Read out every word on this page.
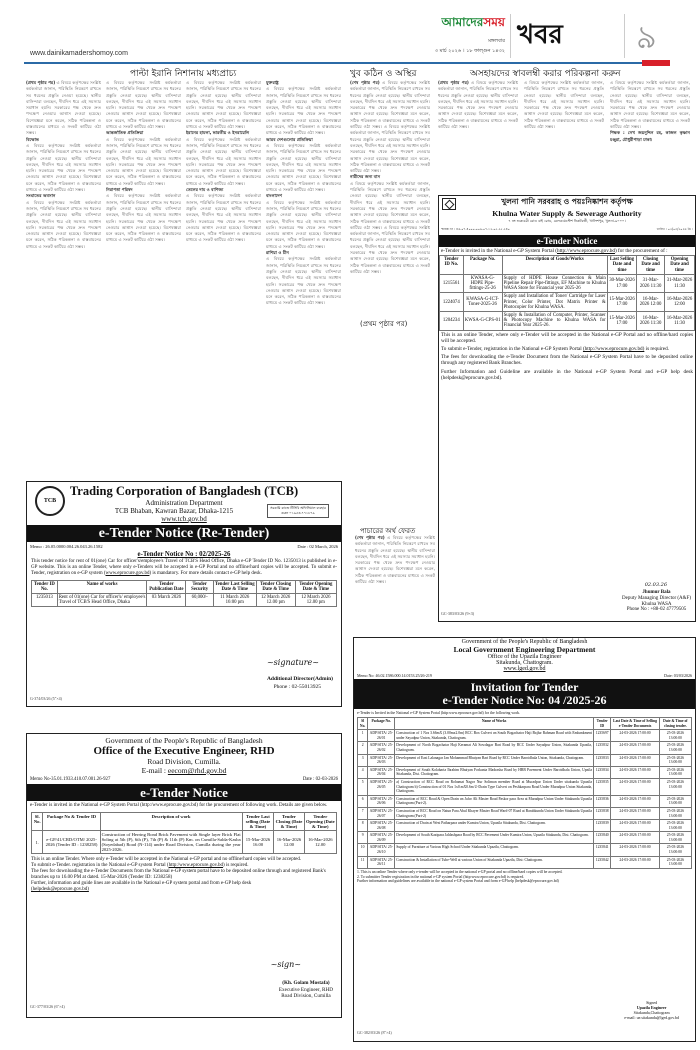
www.dainikamadershomoy.com
আমাদেরসময়
মঙ্গলবার
৩ মার্চ ২০২৬ । ১৮ ফাল্গুন ১৪৩২
খবর ৯
পাল্টা ইরানি নিশানায় মধ্যপ্রাচ্য
(প্রথম পৃষ্ঠার পর) এ বিষয়ে কর্তৃপক্ষের সংশ্লিষ্ট কর্মকর্তারা জানান, পরিস্থিতি নিয়ন্ত্রণে রাখতে সব ধরনের প্রস্তুতি নেওয়া হয়েছে। স্থানীয় বাসিন্দারা বলছেন, দীর্ঘদিন ধরে এই সমস্যার সমাধান হয়নি। সরকারের পক্ষ থেকে দ্রুত পদক্ষেপ নেওয়ার আশ্বাস দেওয়া হয়েছে। বিশেষজ্ঞরা মনে করেন, সঠিক পরিকল্পনা ও বাস্তবায়নের মাধ্যমে এ সংকট কাটিয়ে ওঠা সম্ভব।
বিক্ষোভ
এ বিষয়ে কর্তৃপক্ষের সংশ্লিষ্ট কর্মকর্তারা জানান, পরিস্থিতি নিয়ন্ত্রণে রাখতে সব ধরনের প্রস্তুতি নেওয়া হয়েছে। স্থানীয় বাসিন্দারা বলছেন, দীর্ঘদিন ধরে এই সমস্যার সমাধান হয়নি। সরকারের পক্ষ থেকে দ্রুত পদক্ষেপ নেওয়ার আশ্বাস দেওয়া হয়েছে। বিশেষজ্ঞরা মনে করেন, সঠিক পরিকল্পনা ও বাস্তবায়নের মাধ্যমে এ সংকট কাটিয়ে ওঠা সম্ভব।
সংঘাতের অবসান
এ বিষয়ে কর্তৃপক্ষের সংশ্লিষ্ট কর্মকর্তারা জানান, পরিস্থিতি নিয়ন্ত্রণে রাখতে সব ধরনের প্রস্তুতি নেওয়া হয়েছে। স্থানীয় বাসিন্দারা বলছেন, দীর্ঘদিন ধরে এই সমস্যার সমাধান হয়নি। সরকারের পক্ষ থেকে দ্রুত পদক্ষেপ নেওয়ার আশ্বাস দেওয়া হয়েছে। বিশেষজ্ঞরা মনে করেন, সঠিক পরিকল্পনা ও বাস্তবায়নের মাধ্যমে এ সংকট কাটিয়ে ওঠা সম্ভব।
এ বিষয়ে কর্তৃপক্ষের সংশ্লিষ্ট কর্মকর্তারা জানান, পরিস্থিতি নিয়ন্ত্রণে রাখতে সব ধরনের প্রস্তুতি নেওয়া হয়েছে। স্থানীয় বাসিন্দারা বলছেন, দীর্ঘদিন ধরে এই সমস্যার সমাধান হয়নি। সরকারের পক্ষ থেকে দ্রুত পদক্ষেপ নেওয়ার আশ্বাস দেওয়া হয়েছে। বিশেষজ্ঞরা মনে করেন, সঠিক পরিকল্পনা ও বাস্তবায়নের মাধ্যমে এ সংকট কাটিয়ে ওঠা সম্ভব।
আন্তর্জাতিক প্রতিক্রিয়া
এ বিষয়ে কর্তৃপক্ষের সংশ্লিষ্ট কর্মকর্তারা জানান, পরিস্থিতি নিয়ন্ত্রণে রাখতে সব ধরনের প্রস্তুতি নেওয়া হয়েছে। স্থানীয় বাসিন্দারা বলছেন, দীর্ঘদিন ধরে এই সমস্যার সমাধান হয়নি। সরকারের পক্ষ থেকে দ্রুত পদক্ষেপ নেওয়ার আশ্বাস দেওয়া হয়েছে। বিশেষজ্ঞরা মনে করেন, সঠিক পরিকল্পনা ও বাস্তবায়নের মাধ্যমে এ সংকট কাটিয়ে ওঠা সম্ভব।
নিরাপত্তা পরিষদ
এ বিষয়ে কর্তৃপক্ষের সংশ্লিষ্ট কর্মকর্তারা জানান, পরিস্থিতি নিয়ন্ত্রণে রাখতে সব ধরনের প্রস্তুতি নেওয়া হয়েছে। স্থানীয় বাসিন্দারা বলছেন, দীর্ঘদিন ধরে এই সমস্যার সমাধান হয়নি। সরকারের পক্ষ থেকে দ্রুত পদক্ষেপ নেওয়ার আশ্বাস দেওয়া হয়েছে। বিশেষজ্ঞরা মনে করেন, সঠিক পরিকল্পনা ও বাস্তবায়নের মাধ্যমে এ সংকট কাটিয়ে ওঠা সম্ভব।
এ বিষয়ে কর্তৃপক্ষের সংশ্লিষ্ট কর্মকর্তারা জানান, পরিস্থিতি নিয়ন্ত্রণে রাখতে সব ধরনের প্রস্তুতি নেওয়া হয়েছে। স্থানীয় বাসিন্দারা বলছেন, দীর্ঘদিন ধরে এই সমস্যার সমাধান হয়নি। সরকারের পক্ষ থেকে দ্রুত পদক্ষেপ নেওয়ার আশ্বাস দেওয়া হয়েছে। বিশেষজ্ঞরা মনে করেন, সঠিক পরিকল্পনা ও বাস্তবায়নের মাধ্যমে এ সংকট কাটিয়ে ওঠা সম্ভব।
ইরানের হামলা, ভারতীয় ও ইসরায়েলি
এ বিষয়ে কর্তৃপক্ষের সংশ্লিষ্ট কর্মকর্তারা জানান, পরিস্থিতি নিয়ন্ত্রণে রাখতে সব ধরনের প্রস্তুতি নেওয়া হয়েছে। স্থানীয় বাসিন্দারা বলছেন, দীর্ঘদিন ধরে এই সমস্যার সমাধান হয়নি। সরকারের পক্ষ থেকে দ্রুত পদক্ষেপ নেওয়ার আশ্বাস দেওয়া হয়েছে। বিশেষজ্ঞরা মনে করেন, সঠিক পরিকল্পনা ও বাস্তবায়নের মাধ্যমে এ সংকট কাটিয়ে ওঠা সম্ভব।
তেলের দাম ও বাণিজ্য
এ বিষয়ে কর্তৃপক্ষের সংশ্লিষ্ট কর্মকর্তারা জানান, পরিস্থিতি নিয়ন্ত্রণে রাখতে সব ধরনের প্রস্তুতি নেওয়া হয়েছে। স্থানীয় বাসিন্দারা বলছেন, দীর্ঘদিন ধরে এই সমস্যার সমাধান হয়নি। সরকারের পক্ষ থেকে দ্রুত পদক্ষেপ নেওয়ার আশ্বাস দেওয়া হয়েছে। বিশেষজ্ঞরা মনে করেন, সঠিক পরিকল্পনা ও বাস্তবায়নের মাধ্যমে এ সংকট কাটিয়ে ওঠা সম্ভব।
যুক্তরাষ্ট্র
এ বিষয়ে কর্তৃপক্ষের সংশ্লিষ্ট কর্মকর্তারা জানান, পরিস্থিতি নিয়ন্ত্রণে রাখতে সব ধরনের প্রস্তুতি নেওয়া হয়েছে। স্থানীয় বাসিন্দারা বলছেন, দীর্ঘদিন ধরে এই সমস্যার সমাধান হয়নি। সরকারের পক্ষ থেকে দ্রুত পদক্ষেপ নেওয়ার আশ্বাস দেওয়া হয়েছে। বিশেষজ্ঞরা মনে করেন, সঠিক পরিকল্পনা ও বাস্তবায়নের মাধ্যমে এ সংকট কাটিয়ে ওঠা সম্ভব।
আরব দেশগুলোর প্রতিক্রিয়া
এ বিষয়ে কর্তৃপক্ষের সংশ্লিষ্ট কর্মকর্তারা জানান, পরিস্থিতি নিয়ন্ত্রণে রাখতে সব ধরনের প্রস্তুতি নেওয়া হয়েছে। স্থানীয় বাসিন্দারা বলছেন, দীর্ঘদিন ধরে এই সমস্যার সমাধান হয়নি। সরকারের পক্ষ থেকে দ্রুত পদক্ষেপ নেওয়ার আশ্বাস দেওয়া হয়েছে। বিশেষজ্ঞরা মনে করেন, সঠিক পরিকল্পনা ও বাস্তবায়নের মাধ্যমে এ সংকট কাটিয়ে ওঠা সম্ভব।
বাংলাদেশ
এ বিষয়ে কর্তৃপক্ষের সংশ্লিষ্ট কর্মকর্তারা জানান, পরিস্থিতি নিয়ন্ত্রণে রাখতে সব ধরনের প্রস্তুতি নেওয়া হয়েছে। স্থানীয় বাসিন্দারা বলছেন, দীর্ঘদিন ধরে এই সমস্যার সমাধান হয়নি। সরকারের পক্ষ থেকে দ্রুত পদক্ষেপ নেওয়ার আশ্বাস দেওয়া হয়েছে। বিশেষজ্ঞরা মনে করেন, সঠিক পরিকল্পনা ও বাস্তবায়নের মাধ্যমে এ সংকট কাটিয়ে ওঠা সম্ভব।
রাশিয়া ও চীন
এ বিষয়ে কর্তৃপক্ষের সংশ্লিষ্ট কর্মকর্তারা জানান, পরিস্থিতি নিয়ন্ত্রণে রাখতে সব ধরনের প্রস্তুতি নেওয়া হয়েছে। স্থানীয় বাসিন্দারা বলছেন, দীর্ঘদিন ধরে এই সমস্যার সমাধান হয়নি। সরকারের পক্ষ থেকে দ্রুত পদক্ষেপ নেওয়ার আশ্বাস দেওয়া হয়েছে। বিশেষজ্ঞরা মনে করেন, সঠিক পরিকল্পনা ও বাস্তবায়নের মাধ্যমে এ সংকট কাটিয়ে ওঠা সম্ভব।
খুব কঠিন ও অস্থির
(শেষ পৃষ্ঠার পর) এ বিষয়ে কর্তৃপক্ষের সংশ্লিষ্ট কর্মকর্তারা জানান, পরিস্থিতি নিয়ন্ত্রণে রাখতে সব ধরনের প্রস্তুতি নেওয়া হয়েছে। স্থানীয় বাসিন্দারা বলছেন, দীর্ঘদিন ধরে এই সমস্যার সমাধান হয়নি। সরকারের পক্ষ থেকে দ্রুত পদক্ষেপ নেওয়ার আশ্বাস দেওয়া হয়েছে। বিশেষজ্ঞরা মনে করেন, সঠিক পরিকল্পনা ও বাস্তবায়নের মাধ্যমে এ সংকট কাটিয়ে ওঠা সম্ভব। এ বিষয়ে কর্তৃপক্ষের সংশ্লিষ্ট কর্মকর্তারা জানান, পরিস্থিতি নিয়ন্ত্রণে রাখতে সব ধরনের প্রস্তুতি নেওয়া হয়েছে। স্থানীয় বাসিন্দারা বলছেন, দীর্ঘদিন ধরে এই সমস্যার সমাধান হয়নি। সরকারের পক্ষ থেকে দ্রুত পদক্ষেপ নেওয়ার আশ্বাস দেওয়া হয়েছে। বিশেষজ্ঞরা মনে করেন, সঠিক পরিকল্পনা ও বাস্তবায়নের মাধ্যমে এ সংকট কাটিয়ে ওঠা সম্ভব।
নারীদের জন্য বাস
এ বিষয়ে কর্তৃপক্ষের সংশ্লিষ্ট কর্মকর্তারা জানান, পরিস্থিতি নিয়ন্ত্রণে রাখতে সব ধরনের প্রস্তুতি নেওয়া হয়েছে। স্থানীয় বাসিন্দারা বলছেন, দীর্ঘদিন ধরে এই সমস্যার সমাধান হয়নি। সরকারের পক্ষ থেকে দ্রুত পদক্ষেপ নেওয়ার আশ্বাস দেওয়া হয়েছে। বিশেষজ্ঞরা মনে করেন, সঠিক পরিকল্পনা ও বাস্তবায়নের মাধ্যমে এ সংকট কাটিয়ে ওঠা সম্ভব। এ বিষয়ে কর্তৃপক্ষের সংশ্লিষ্ট কর্মকর্তারা জানান, পরিস্থিতি নিয়ন্ত্রণে রাখতে সব ধরনের প্রস্তুতি নেওয়া হয়েছে। স্থানীয় বাসিন্দারা বলছেন, দীর্ঘদিন ধরে এই সমস্যার সমাধান হয়নি। সরকারের পক্ষ থেকে দ্রুত পদক্ষেপ নেওয়ার আশ্বাস দেওয়া হয়েছে। বিশেষজ্ঞরা মনে করেন, সঠিক পরিকল্পনা ও বাস্তবায়নের মাধ্যমে এ সংকট কাটিয়ে ওঠা সম্ভব।
অসহায়দের স্বাবলম্বী করার পরিকল্পনা করুন
(প্রথম পৃষ্ঠার পর) এ বিষয়ে কর্তৃপক্ষের সংশ্লিষ্ট কর্মকর্তারা জানান, পরিস্থিতি নিয়ন্ত্রণে রাখতে সব ধরনের প্রস্তুতি নেওয়া হয়েছে। স্থানীয় বাসিন্দারা বলছেন, দীর্ঘদিন ধরে এই সমস্যার সমাধান হয়নি। সরকারের পক্ষ থেকে দ্রুত পদক্ষেপ নেওয়ার আশ্বাস দেওয়া হয়েছে। বিশেষজ্ঞরা মনে করেন, সঠিক পরিকল্পনা ও বাস্তবায়নের মাধ্যমে এ সংকট কাটিয়ে ওঠা সম্ভব।
এ বিষয়ে কর্তৃপক্ষের সংশ্লিষ্ট কর্মকর্তারা জানান, পরিস্থিতি নিয়ন্ত্রণে রাখতে সব ধরনের প্রস্তুতি নেওয়া হয়েছে। স্থানীয় বাসিন্দারা বলছেন, দীর্ঘদিন ধরে এই সমস্যার সমাধান হয়নি। সরকারের পক্ষ থেকে দ্রুত পদক্ষেপ নেওয়ার আশ্বাস দেওয়া হয়েছে। বিশেষজ্ঞরা মনে করেন, সঠিক পরিকল্পনা ও বাস্তবায়নের মাধ্যমে এ সংকট কাটিয়ে ওঠা সম্ভব।
এ বিষয়ে কর্তৃপক্ষের সংশ্লিষ্ট কর্মকর্তারা জানান, পরিস্থিতি নিয়ন্ত্রণে রাখতে সব ধরনের প্রস্তুতি নেওয়া হয়েছে। স্থানীয় বাসিন্দারা বলছেন, দীর্ঘদিন ধরে এই সমস্যার সমাধান হয়নি। সরকারের পক্ষ থেকে দ্রুত পদক্ষেপ নেওয়ার আশ্বাস দেওয়া হয়েছে। বিশেষজ্ঞরা মনে করেন, সঠিক পরিকল্পনা ও বাস্তবায়নের মাধ্যমে এ সংকট কাটিয়ে ওঠা সম্ভব।
শিক্ষক : সেখ জয়নুদ্দিন রহ, কাজল কৃষ্ণান মঞ্জুরা, চৌধুরীপাড়া ঢাকা।
(প্রথম পৃষ্ঠার পর)
পাচারের অর্থ ফেরত
(শেষ পৃষ্ঠার পর) এ বিষয়ে কর্তৃপক্ষের সংশ্লিষ্ট কর্মকর্তারা জানান, পরিস্থিতি নিয়ন্ত্রণে রাখতে সব ধরনের প্রস্তুতি নেওয়া হয়েছে। স্থানীয় বাসিন্দারা বলছেন, দীর্ঘদিন ধরে এই সমস্যার সমাধান হয়নি। সরকারের পক্ষ থেকে দ্রুত পদক্ষেপ নেওয়ার আশ্বাস দেওয়া হয়েছে। বিশেষজ্ঞরা মনে করেন, সঠিক পরিকল্পনা ও বাস্তবায়নের মাধ্যমে এ সংকট কাটিয়ে ওঠা সম্ভব।
TCB
Trading Corporation of Bangladesh (TCB)
Administration Department
TCB Bhaban, Kawran Bazar, Dhaka-1215
www.tcb.gov.bd
সরকারি কাজে টিসিবি অফিসিয়াল ব্যবহার করুন ০১৯৫৩-৭৭১৮৭৯
e-Tender Notice (Re-Tender)
Memo : 26.05.0000.004.26.043.26.1582	Date : 02 March, 2026
e-Tender Notice No : 02/2025-26
This tender notice for rent of 01(one) Car for officer's/employee's Travel of TCB'S Head Office, Dhaka e-GP Tender ID No. 1235013 is published in e-GP website. This is an online Tender, where only e-Tenders will be accepted in e-GP Portal and no offline/hard copies will be accepted. To submit e-Tender, registration on e-GP system (www.eprocure.gov.bd) is mandatory. For more details contact e-GP help desk.
Tender ID No.	Name of works	Tender Publication Date	Tender Security	Tender Last Selling Date & Time	Tender Closing Date & Time	Tender Opening Date & Time
1235013	Rent of 01(one) Car for officer's/ employee's Travel of TCB'S Head Office, Dhaka	03 March 2026	60,000/-	11 March 2026 16:00 pm	12 March 2026 12.00 pm	12 March 2026 12.00 pm
~signature~
Additional Director(Admin)
Phone : 02-55013925
G-374/03/26 (5"×4)
Government of the People's Republic of Bangladesh
Office of the Executive Engineer, RHD
Road Division, Cumilla.
E-mail : eecom@rhd.gov.bd
Memo No-35.01.1933.410.07.001.26-927	Date : 02-03-2026
e-Tender Notice
e-Tender is invited in the National e-GP System Portal (http:/www.eprocure.gov.bd) for the procurement of following work. Details are given below.
Sl. No.	Package No & Tender ID	Description of work	Tender Last selling (Date & Time)	Tender Closing (Date & Time)	Tender Opening (Date & Time)
1.	e-GP/41/CRD/OTM/ 2025-2026 (Tender ID : 1238258)	Construction of Herring Bond Brick Pavement with Single layer Brick Flat Soling at 5th (P), 6th (P), 7th (P) & 11th (P) Km. on Cumilla-Salda-Kasba (Soyedabad) Road (N-114) under Road Division, Cumilla during the year 2025-2026.	15-Mar-2026 16.00	16-Mar-2026 12.00	16-Mar-2026 12.00
This is an online Tender. Where only e-Tender will be accepted in the National e-GP portal and no offline/hard copies will be accepted.
To submit e-Tender. registration in the National e-GP system Portal (http:/www.eprocure.gov.bd) is required.
The fees for downloading the e-Tender Documents from the National e-GP system portal have to be deposited online through and registered Bank's branches up to 16.00 PM at dated. 15-Mar-2026 (Tender ID: 1238258)
Further, information and guide lines are available in the National e-GP system portal and from e-GP help desk
(helpdesk@eprocure.gov.bd)
~sign~
(Kh. Golam Mostafa)
Executive Engineer, RHD
Road Division, Cumilla
GC-377/03/26 (6"×4)
খুলনা পানি সরবরাহ ও পয়ঃনিষ্কাশন কর্তৃপক্ষ
Khulna Water Supply & Sewerage Authority
৭ নং শুকচেরী রোড বাই রোড, রেলওয়েস্টেশ নিকটবর্তী, খালিশপুর, খুলনা-৯০০০।
স্মারক নং : ৪৬.০৭.৪০০০.০০৯.০৭.১২.০৫.২৫.২৪০	তারিখ : ০২/০৩/২০২৬ খ্রি :
e-Tender Notice
e-Tender is invited in the National e-GP System Portal (http://www.eprocure.gov.bd) for the procurement of :
Tender ID No.	Package No.	Description of Goods/Works	Last Selling Date and time	Closing Date and time	Opening Date and time
1215561	KWASA-G-HDPE Pipe-fittings-25-26	Supply of HDPE House Connection & Main Pipeline Repair Pipe-fittings, EF Machine to Khulna WASA Store for Financial year 2025-26	30-Mar-2026 17:00	31-Mar-2026 11:30	31-Mar-2026 11:30
1224074	KWASA-G-ICT-Toner-2025-26	Supply and Installation of Toner/ Cartridge for Laser Printer, Color Printer, Dot Matrix Printer & Photocopier for Khulna WASA.	15-Mar-2026 17:00	16-Mar-2026 12:00	16-Mar-2026 12:00
1204234	KWSA-G-CPS-01	Supply & Installation of Computer, Printer, Scanner & Photocopy Machine to Khulna WASA for Financial Year 2025-26.	15-Mar-2026 17:00	16-Mar-2026 11:30	16-Mar-2026 11:30
This is an online Tender, where only e-Tender will be accepted in the National e-GP Portal and no offline/hard copies will be accepted.
To submit e-Tender, registration in the National e-GP System Portal (http://www.eprocure.gov.bd) is required.
The fees for downloading the e-Tender Document from the National e-GP System Portal have to be deposited online through any registered Bank Branches.
Further Information and Guideline are available in the National e-GP System Portal and e-GP help desk (helpdesk@eprocure.gov.bd).
02.03.26
Jhumur Bala
Deputy Managing Director (A&F)
Khulna WASA
Phone No : +88-02 47779505
GC-383/03/26 (9×3)
Government of the People's Republic of Bangladesh
Local Government Engineering Department
Office of the Upazila Engineer
Sitakunda, Chattogram.
www.lged.gov.bd
Memo No: 46.02.1586.000.14.0153.25/26-219	Date: 03/03/2026
Invitation for Tender
e-Tender Notice No: 04 /2025-26
e-Tender is Invited in the National e-GP System Portal (http:www.eprocure.gov.bd) for the following work.
Sl No.	Package No.	Name of Works	Tender ID	Last Date & Time of Selling e-Tender Documents	Date & Time of closing tender.
1	ADP/SITA/ 25-26/01	Construction of 1 Nos 3.66mX (3.00mx2.0m) RCC Box Culvert on South Bogachator Haji Bajlur Rahman Road with Embankment under Sayadpur Union, Sitakunda, Chattogram.	1235697	24-03-2026 17:00:00	25-03-2026 13:00:00
2	ADP/SITA/ 25-26/02	Development of North Bogachatar Haji Keramat Ali Sowdagar Bari Road by RCC Under Sayadpur Union, Sitakunda Upazila, Chattogram.	1235832	24-03-2026 17:00:00	25-03-2026 13:00:00
3	ADP/SITA/ 25-26/03	Development of East Lalanagar Jan Mohammad Bhuiyan Bari Road by RCC Under Baroidhala Union, Sitakunda, Chattogram.	1235833	24-03-2026 17:00:00	25-03-2026 13:00:00
4	ADP/SITA/ 25-26/04	Development of South Kolabaria Ibrahim Bhuiyan Forkania Madrasha Road by HBB Pavement Under Baroidhala Union, Upzila Sitakunda, Dist. Chattogram.	1235834	24-03-2026 17:00:00	25-03-2026 13:00:00
5	ADP/SITA/ 25-26/05	a) Construction of RCC Road on Rohamat Nagor Nur Soliman member Road at Muradpur Union Under sitakunda Upazila Chattogram b) Construction of 01 Nos 1x0.mX0.6m U-Drain Type Culvert on Peshkarpara Road Under Muradpur Union Sitakunda, Chattogram.	1235835	24-03-2026 17:00:00	25-03-2026 13:00:00
6	ADP/SITA/ 25-26/06	Construction of RCC Road & Open Drain on Jafor Ali Master Road Paskor para Area at Muradpur Union Under Sitakunda Upazila Chattogram (Part-2).	1235836	24-03-2026 17:00:00	25-03-2026 13:00:00
7	ADP/SITA/ 25-26/07	Construction of RCC Road on Natun Para Abul Khayer Master Road Ward-07 Road at Barabkunda Union Under Sitakunda Upazila Chattogram (Part-2)	1235838	24-03-2026 17:00:00	25-03-2026 13:00:00
8	ADP/SITA/ 25-26/08	Construction of Drain at West Patharpara under Kumira Union, Upazila Sitakunda, Dist. Chattogram.	1235839	24-03-2026 17:00:00	25-03-2026 13:00:00
9	ADP/SITA/ 25-26/09	Development of South Kazipara Jaldashpara Road by RCC Pavement Under Kumira Union, Upazila Sitakunda, Dist. Chattogram.	1235840	24-03-2026 17:00:00	25-03-2026 13:00:00
10	ADP/SITA/ 25-26/10	Supply of Furniture at Various High School Under Sitakunda Upazila, Chattogram.	1235841	24-03-2026 17:00:00	25-03-2026 13:00:00
11	ADP/SITA/ 25-26/11	Construction & Installation of Tube-Well at various Union of Sitakunda Upazila, Dist: Chattogram.	1235842	24-03-2026 17:00:00	25-03-2026 13:00:00
1. This is an online Tender where only e-tender will be accepted in the national e-GP portal and no offline/hard copies will be accepted.
2. To submitter Tender registration in the national e-GP system Portal (http:www.eprocure.gov.bd) is required.
Further information and guidelines are available in the national e-GP system Portal and form e-GP help (helpdesk@eprocure.gov.bd)
Signed
Upazila Engineer
Sitakunda,Chattogram
e-mail: ue.sitakunda@lged.gov.bd
GC-382/03/26 (8"×4)
